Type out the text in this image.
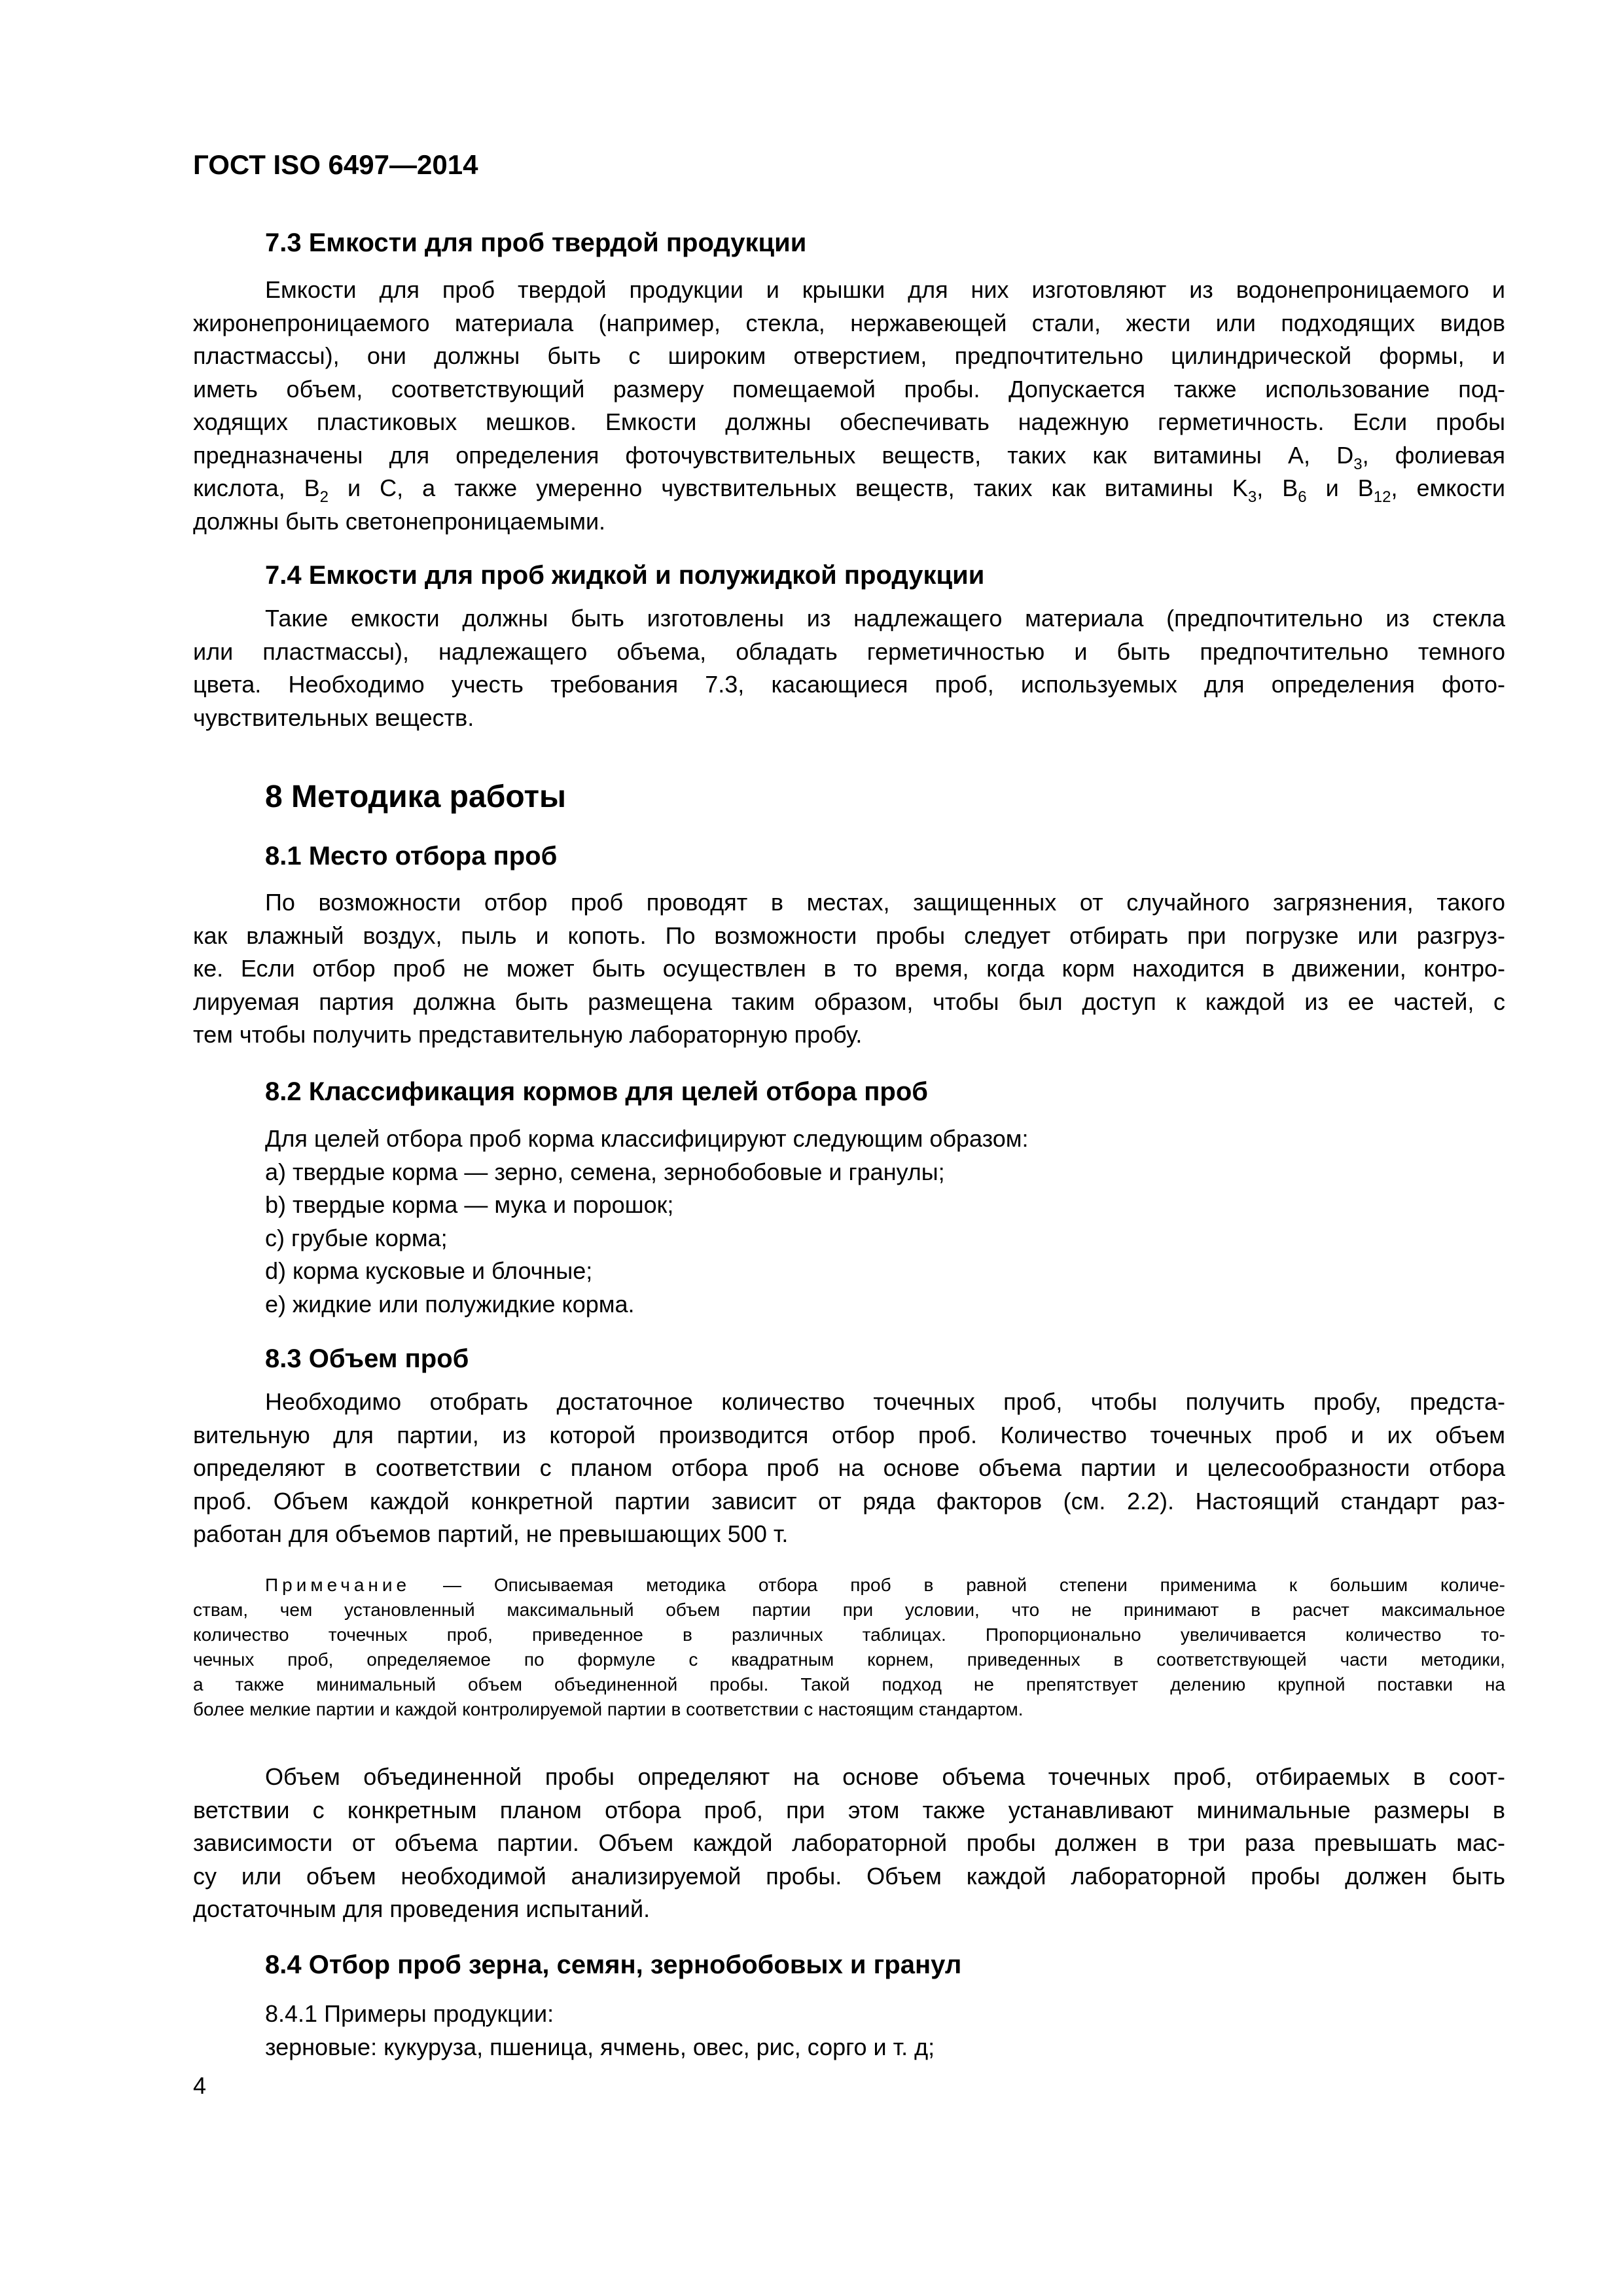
ГОСТ ISO 6497—2014
7.3 Емкости для проб твердой продукции
Емкости для проб твердой продукции и крышки для них изготовляют из водонепроницаемого и
жиронепроницаемого материала (например, стекла, нержавеющей стали, жести или подходящих видов
пластмассы), они должны быть с широким отверстием, предпочтительно цилиндрической формы, и
иметь объем, соответствующий размеру помещаемой пробы. Допускается также использование под-
ходящих пластиковых мешков. Емкости должны обеспечивать надежную герметичность. Если пробы
предназначены для определения фоточувствительных веществ, таких как витамины A, $D_3$, фолиевая
кислота, $B_2$ и C, а также умеренно чувствительных веществ, таких как витамины $K_3$, $B_6$ и $B_{12}$, емкости
должны быть светонепроницаемыми.
7.4 Емкости для проб жидкой и полужидкой продукции
Такие емкости должны быть изготовлены из надлежащего материала (предпочтительно из стекла
или пластмассы), надлежащего объема, обладать герметичностью и быть предпочтительно темного
цвета. Необходимо учесть требования 7.3, касающиеся проб, используемых для определения фото-
чувствительных веществ.
8 Методика работы
8.1 Место отбора проб
По возможности отбор проб проводят в местах, защищенных от случайного загрязнения, такого
как влажный воздух, пыль и копоть. По возможности пробы следует отбирать при погрузке или разгруз-
ке. Если отбор проб не может быть осуществлен в то время, когда корм находится в движении, контро-
лируемая партия должна быть размещена таким образом, чтобы был доступ к каждой из ее частей, с
тем чтобы получить представительную лабораторную пробу.
8.2 Классификация кормов для целей отбора проб
Для целей отбора проб корма классифицируют следующим образом:
a) твердые корма — зерно, семена, зернобобовые и гранулы;
b) твердые корма — мука и порошок;
c) грубые корма;
d) корма кусковые и блочные;
e) жидкие или полужидкие корма.
8.3 Объем проб
Необходимо отобрать достаточное количество точечных проб, чтобы получить пробу, предста-
вительную для партии, из которой производится отбор проб. Количество точечных проб и их объем
определяют в соответствии с планом отбора проб на основе объема партии и целесообразности отбора
проб. Объем каждой конкретной партии зависит от ряда факторов (см. 2.2). Настоящий стандарт раз-
работан для объемов партий, не превышающих 500 т.
Примечание — Описываемая методика отбора проб в равной степени применима к большим количе-
ствам, чем установленный максимальный объем партии при условии, что не принимают в расчет максимальное
количество точечных проб, приведенное в различных таблицах. Пропорционально увеличивается количество то-
чечных проб, определяемое по формуле с квадратным корнем, приведенных в соответствующей части методики,
а также минимальный объем объединенной пробы. Такой подход не препятствует делению крупной поставки на
более мелкие партии и каждой контролируемой партии в соответствии с настоящим стандартом.
Объем объединенной пробы определяют на основе объема точечных проб, отбираемых в соот-
ветствии с конкретным планом отбора проб, при этом также устанавливают минимальные размеры в
зависимости от объема партии. Объем каждой лабораторной пробы должен в три раза превышать мас-
су или объем необходимой анализируемой пробы. Объем каждой лабораторной пробы должен быть
достаточным для проведения испытаний.
8.4 Отбор проб зерна, семян, зернобобовых и гранул
8.4.1 Примеры продукции:
зерновые: кукуруза, пшеница, ячмень, овес, рис, сорго и т. д;
4
